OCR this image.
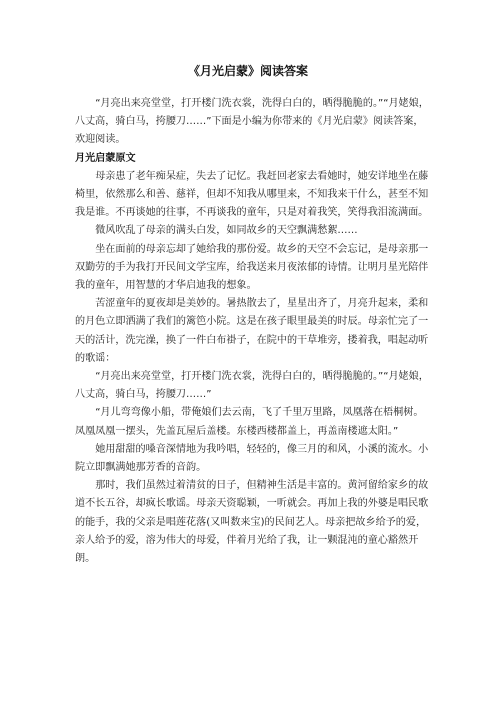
《月光启蒙》阅读答案

“月亮出来亮堂堂，打开楼门洗衣裳，洗得白白的，晒得脆脆的。”“月姥娘，八丈高，骑白马，挎腰刀……”下面是小编为你带来的《月光启蒙》阅读答案，欢迎阅读。

月光启蒙原文

母亲患了老年痴呆症，失去了记忆。我赶回老家去看她时，她安详地坐在藤椅里，依然那么和善、慈祥，但却不知我从哪里来，不知我来干什么，甚至不知我是谁。不再谈她的往事，不再谈我的童年，只是对着我笑，笑得我泪流满面。

微风吹乱了母亲的满头白发，如同故乡的天空飘满愁絮……

坐在面前的母亲忘却了她给我的那份爱。故乡的天空不会忘记，是母亲那一双勤劳的手为我打开民间文学宝库，给我送来月夜浓郁的诗情。让明月星光陪伴我的童年，用智慧的才华启迪我的想象。

苦涩童年的夏夜却是美妙的。暑热散去了，星星出齐了，月亮升起来，柔和的月色立即洒满了我们的篱笆小院。这是在孩子眼里最美的时辰。母亲忙完了一天的活计，洗完澡，换了一件白布褂子，在院中的干草堆旁，搂着我，唱起动听的歌谣：

“月亮出来亮堂堂，打开楼门洗衣裳，洗得白白的，晒得脆脆的。”“月姥娘，八丈高，骑白马，挎腰刀……”

“月儿弯弯像小船，带俺娘们去云南，飞了千里万里路，凤凰落在梧桐树。凤凰凤凰一摆头，先盖瓦屋后盖楼。东楼西楼都盖上，再盖南楼遮太阳。”

她用甜甜的嗓音深情地为我吟唱，轻轻的，像三月的和风，小溪的流水。小院立即飘满她那芳香的音韵。

那时，我们虽然过着清贫的日子，但精神生活是丰富的。黄河留给家乡的故道不长五谷，却疯长歌谣。母亲天资聪颖，一听就会。再加上我的外婆是唱民歌的能手，我的父亲是唱莲花落(又叫数来宝)的民间艺人。母亲把故乡给予的爱，亲人给予的爱，溶为伟大的母爱，伴着月光给了我，让一颗混沌的童心豁然开朗。
